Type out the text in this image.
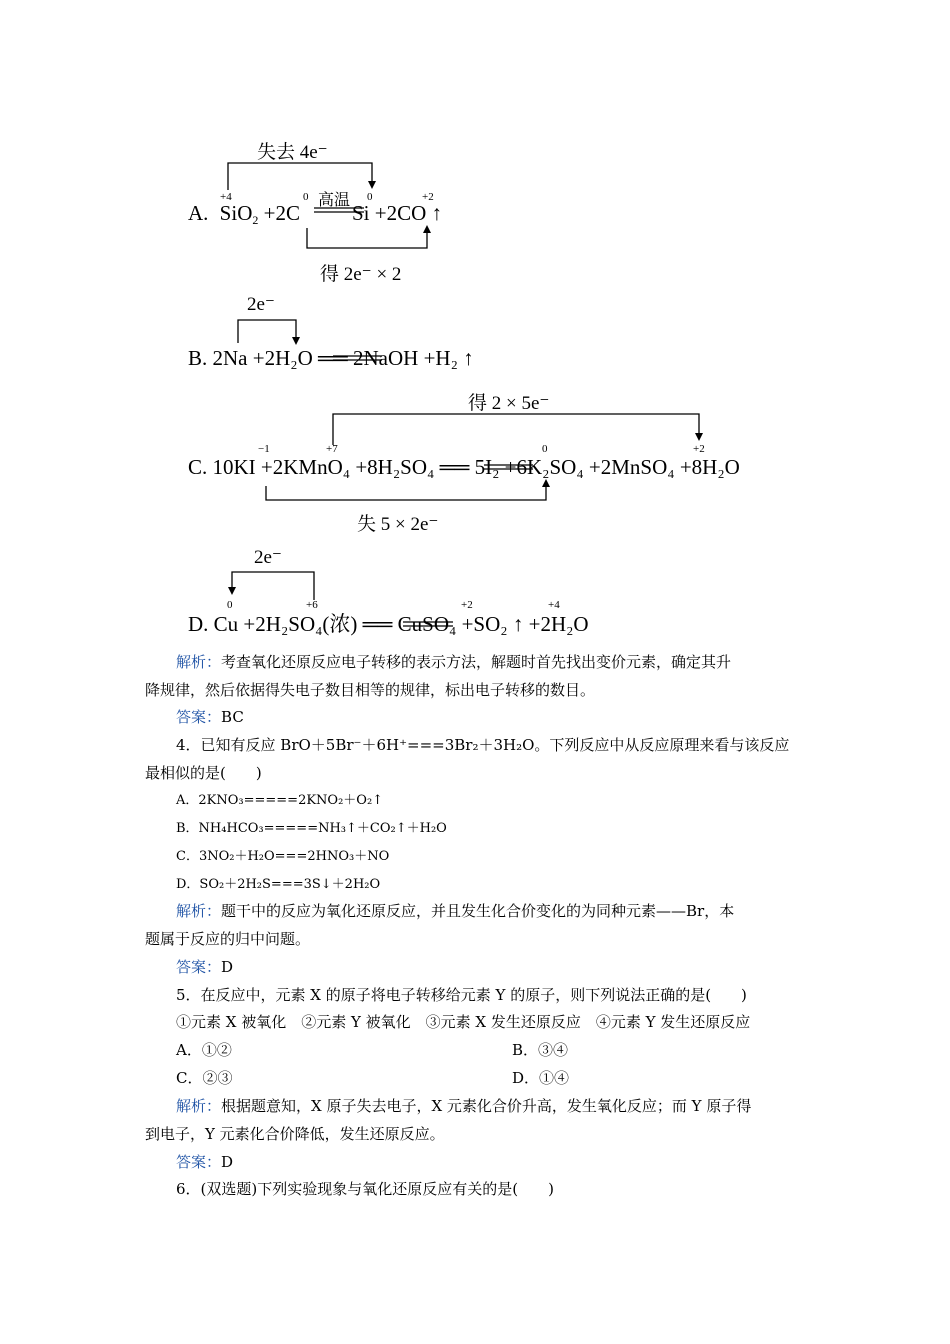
失去 4e⁻
+4	0	0	+2
高温
A. SiO$_2$ +2C Si +2CO ↑
得 2e⁻ × 2
2e⁻
B. 2Na +2H₂O ══ 2NaOH +H₂ ↑
得 2 × 5e⁻
−1	+7	0	+2
C. 10KI +2KMnO₄ +8H₂SO₄ ══ 5I₂ +6K₂SO₄ +2MnSO₄ +8H₂O
失 5 × 2e⁻
2e⁻
0	+6	+2	+4
D. Cu +2H₂SO₄(浓) ══ CuSO₄ +SO₂ ↑ +2H₂O
解析：考查氧化还原反应电子转移的表示方法，解题时首先找出变价元素，确定其升
降规律，然后依据得失电子数目相等的规律，标出电子转移的数目。
答案：BC
4．已知有反应 BrO＋5Br⁻＋6H⁺===3Br₂＋3H₂O。下列反应中从反应原理来看与该反应
最相似的是(　　)
A．2KNO₃=====2KNO₂＋O₂↑
B．NH₄HCO₃=====NH₃↑＋CO₂↑＋H₂O
C．3NO₂＋H₂O===2HNO₃＋NO
D．SO₂＋2H₂S===3S↓＋2H₂O
解析：题干中的反应为氧化还原反应，并且发生化合价变化的为同种元素——Br，本
题属于反应的归中问题。
答案：D
5．在反应中，元素 X 的原子将电子转移给元素 Y 的原子，则下列说法正确的是(　　)
①元素 X 被氧化　②元素 Y 被氧化　③元素 X 发生还原反应　④元素 Y 发生还原反应
A．①②	B．③④
C．②③	D．①④
解析：根据题意知，X 原子失去电子，X 元素化合价升高，发生氧化反应；而 Y 原子得
到电子，Y 元素化合价降低，发生还原反应。
答案：D
6．(双选题)下列实验现象与氧化还原反应有关的是(　　)
